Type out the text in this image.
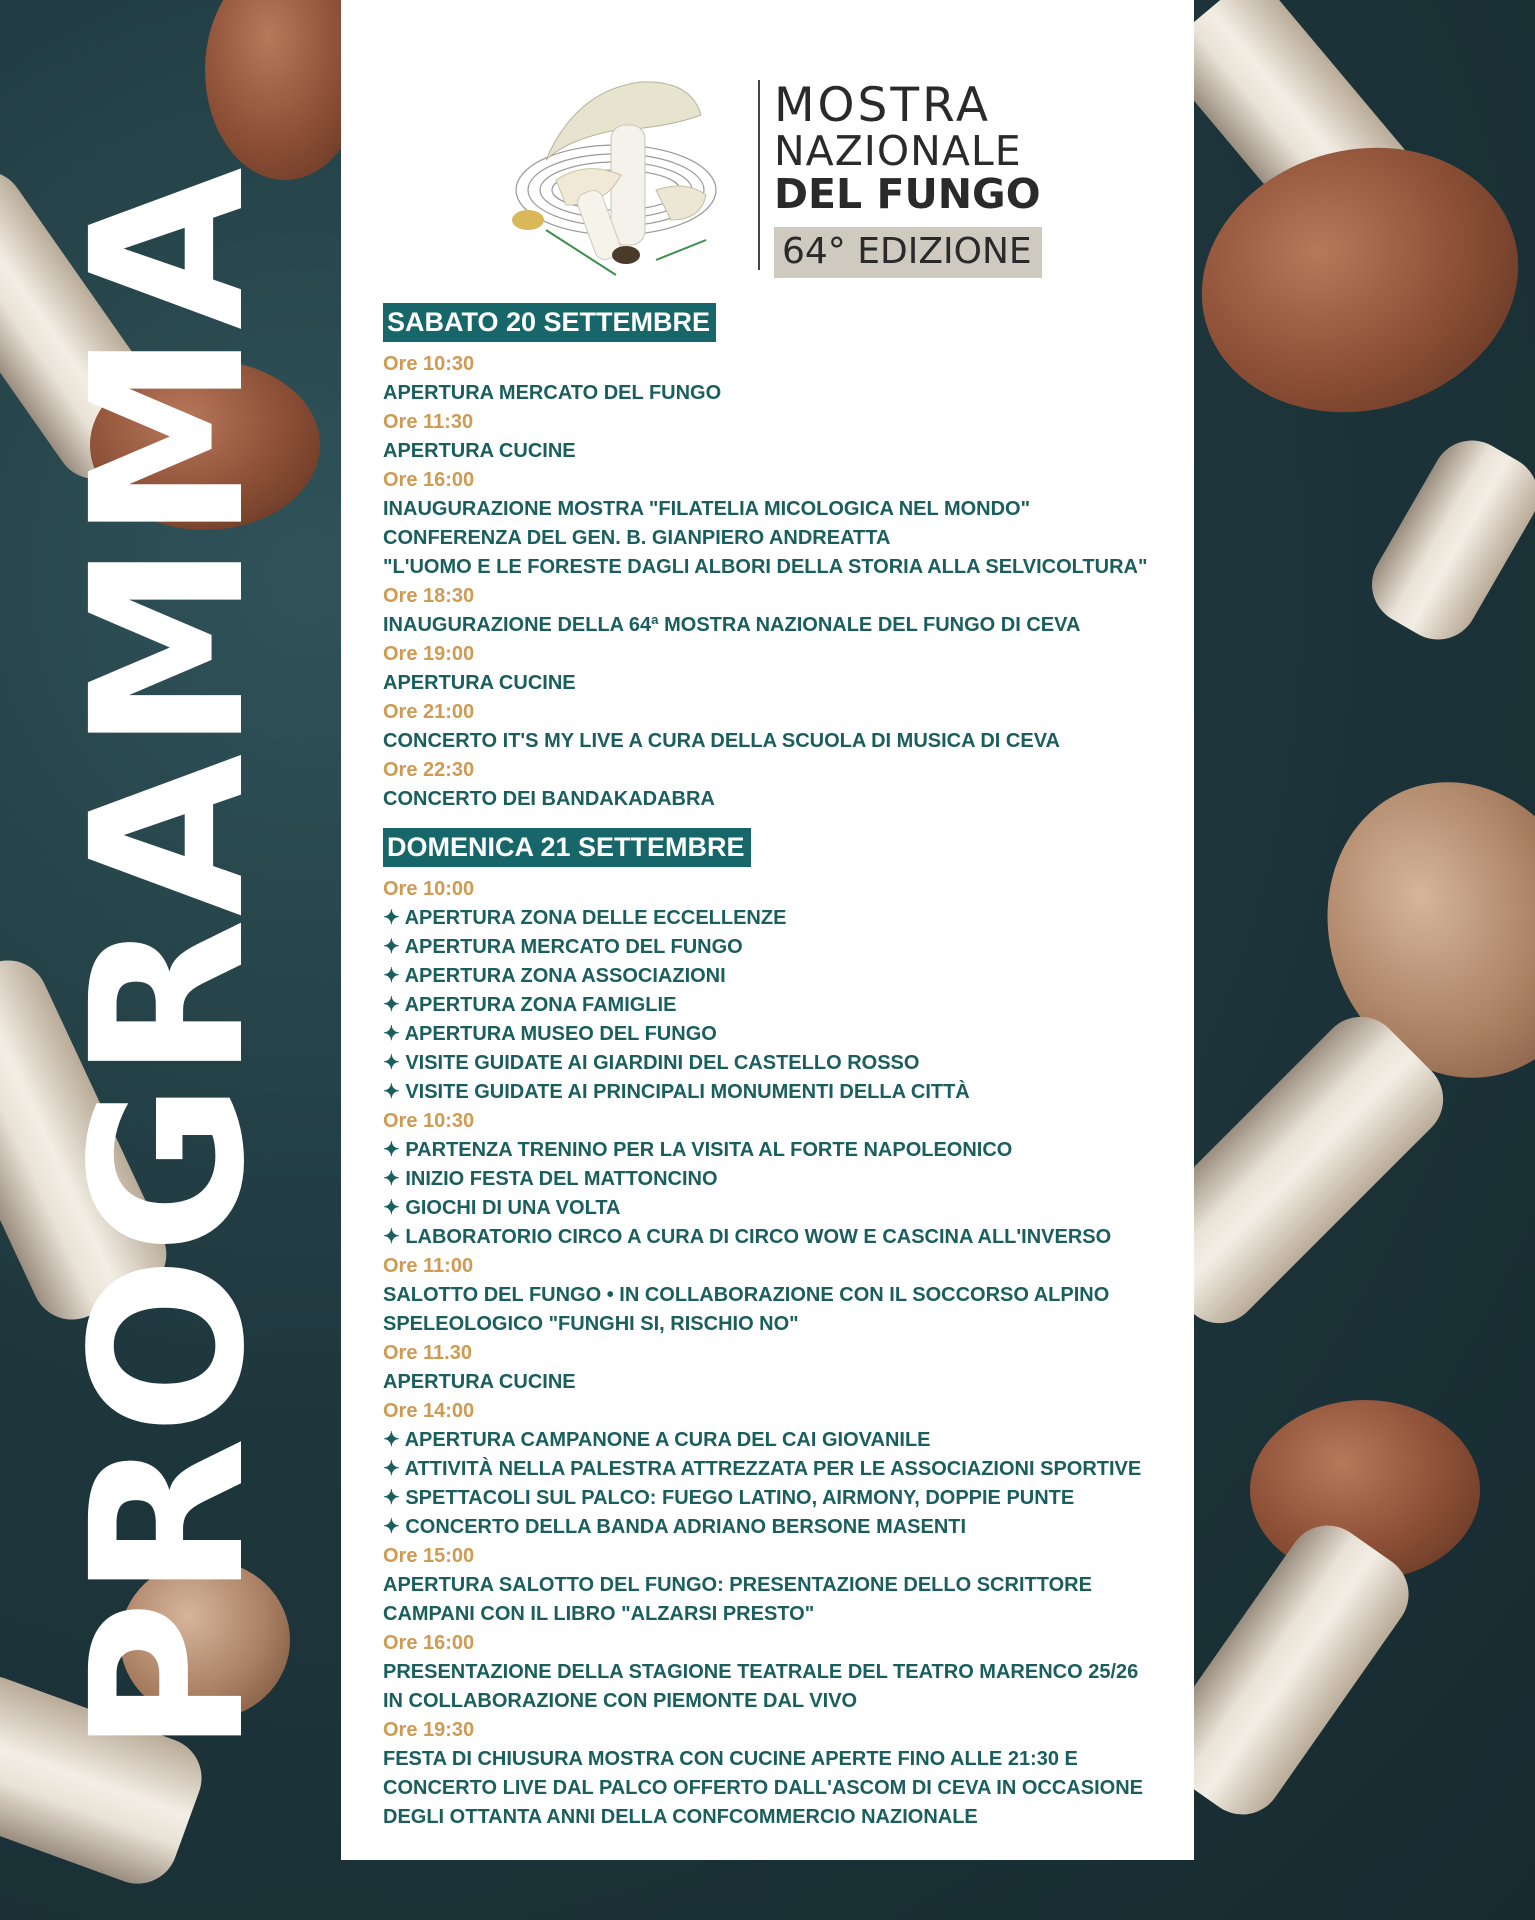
PROGRAMMA
MOSTRA
NAZIONALE
DEL FUNGO
64° EDIZIONE
SABATO 20 SETTEMBRE
Ore 10:30
APERTURA MERCATO DEL FUNGO
Ore 11:30
APERTURA CUCINE
Ore 16:00
INAUGURAZIONE MOSTRA "FILATELIA MICOLOGICA NEL MONDO"
CONFERENZA DEL GEN. B. GIANPIERO ANDREATTA
"L'UOMO E LE FORESTE DAGLI ALBORI DELLA STORIA ALLA SELVICOLTURA"
Ore 18:30
INAUGURAZIONE DELLA 64ª MOSTRA NAZIONALE DEL FUNGO DI CEVA
Ore 19:00
APERTURA CUCINE
Ore 21:00
CONCERTO IT'S MY LIVE A CURA DELLA SCUOLA DI MUSICA DI CEVA
Ore 22:30
CONCERTO DEI BANDAKADABRA
DOMENICA 21 SETTEMBRE
Ore 10:00
✦ APERTURA ZONA DELLE ECCELLENZE
✦ APERTURA MERCATO DEL FUNGO
✦ APERTURA ZONA ASSOCIAZIONI
✦ APERTURA ZONA FAMIGLIE
✦ APERTURA MUSEO DEL FUNGO
✦ VISITE GUIDATE AI GIARDINI DEL CASTELLO ROSSO
✦ VISITE GUIDATE AI PRINCIPALI MONUMENTI DELLA CITTÀ
Ore 10:30
✦ PARTENZA TRENINO PER LA VISITA AL FORTE NAPOLEONICO
✦ INIZIO FESTA DEL MATTONCINO
✦ GIOCHI DI UNA VOLTA
✦ LABORATORIO CIRCO A CURA DI CIRCO WOW E CASCINA ALL'INVERSO
Ore 11:00
SALOTTO DEL FUNGO • IN COLLABORAZIONE CON IL SOCCORSO ALPINO
SPELEOLOGICO "FUNGHI SI, RISCHIO NO"
Ore 11.30
APERTURA CUCINE
Ore 14:00
✦ APERTURA CAMPANONE A CURA DEL CAI GIOVANILE
✦ ATTIVITÀ NELLA PALESTRA ATTREZZATA PER LE ASSOCIAZIONI SPORTIVE
✦ SPETTACOLI SUL PALCO: FUEGO LATINO, AIRMONY, DOPPIE PUNTE
✦ CONCERTO DELLA BANDA ADRIANO BERSONE MASENTI
Ore 15:00
APERTURA SALOTTO DEL FUNGO: PRESENTAZIONE DELLO SCRITTORE
CAMPANI CON IL LIBRO "ALZARSI PRESTO"
Ore 16:00
PRESENTAZIONE DELLA STAGIONE TEATRALE DEL TEATRO MARENCO 25/26
IN COLLABORAZIONE CON PIEMONTE DAL VIVO
Ore 19:30
FESTA DI CHIUSURA MOSTRA CON CUCINE APERTE FINO ALLE 21:30 E
CONCERTO LIVE DAL PALCO OFFERTO DALL'ASCOM DI CEVA IN OCCASIONE
DEGLI OTTANTA ANNI DELLA CONFCOMMERCIO NAZIONALE
